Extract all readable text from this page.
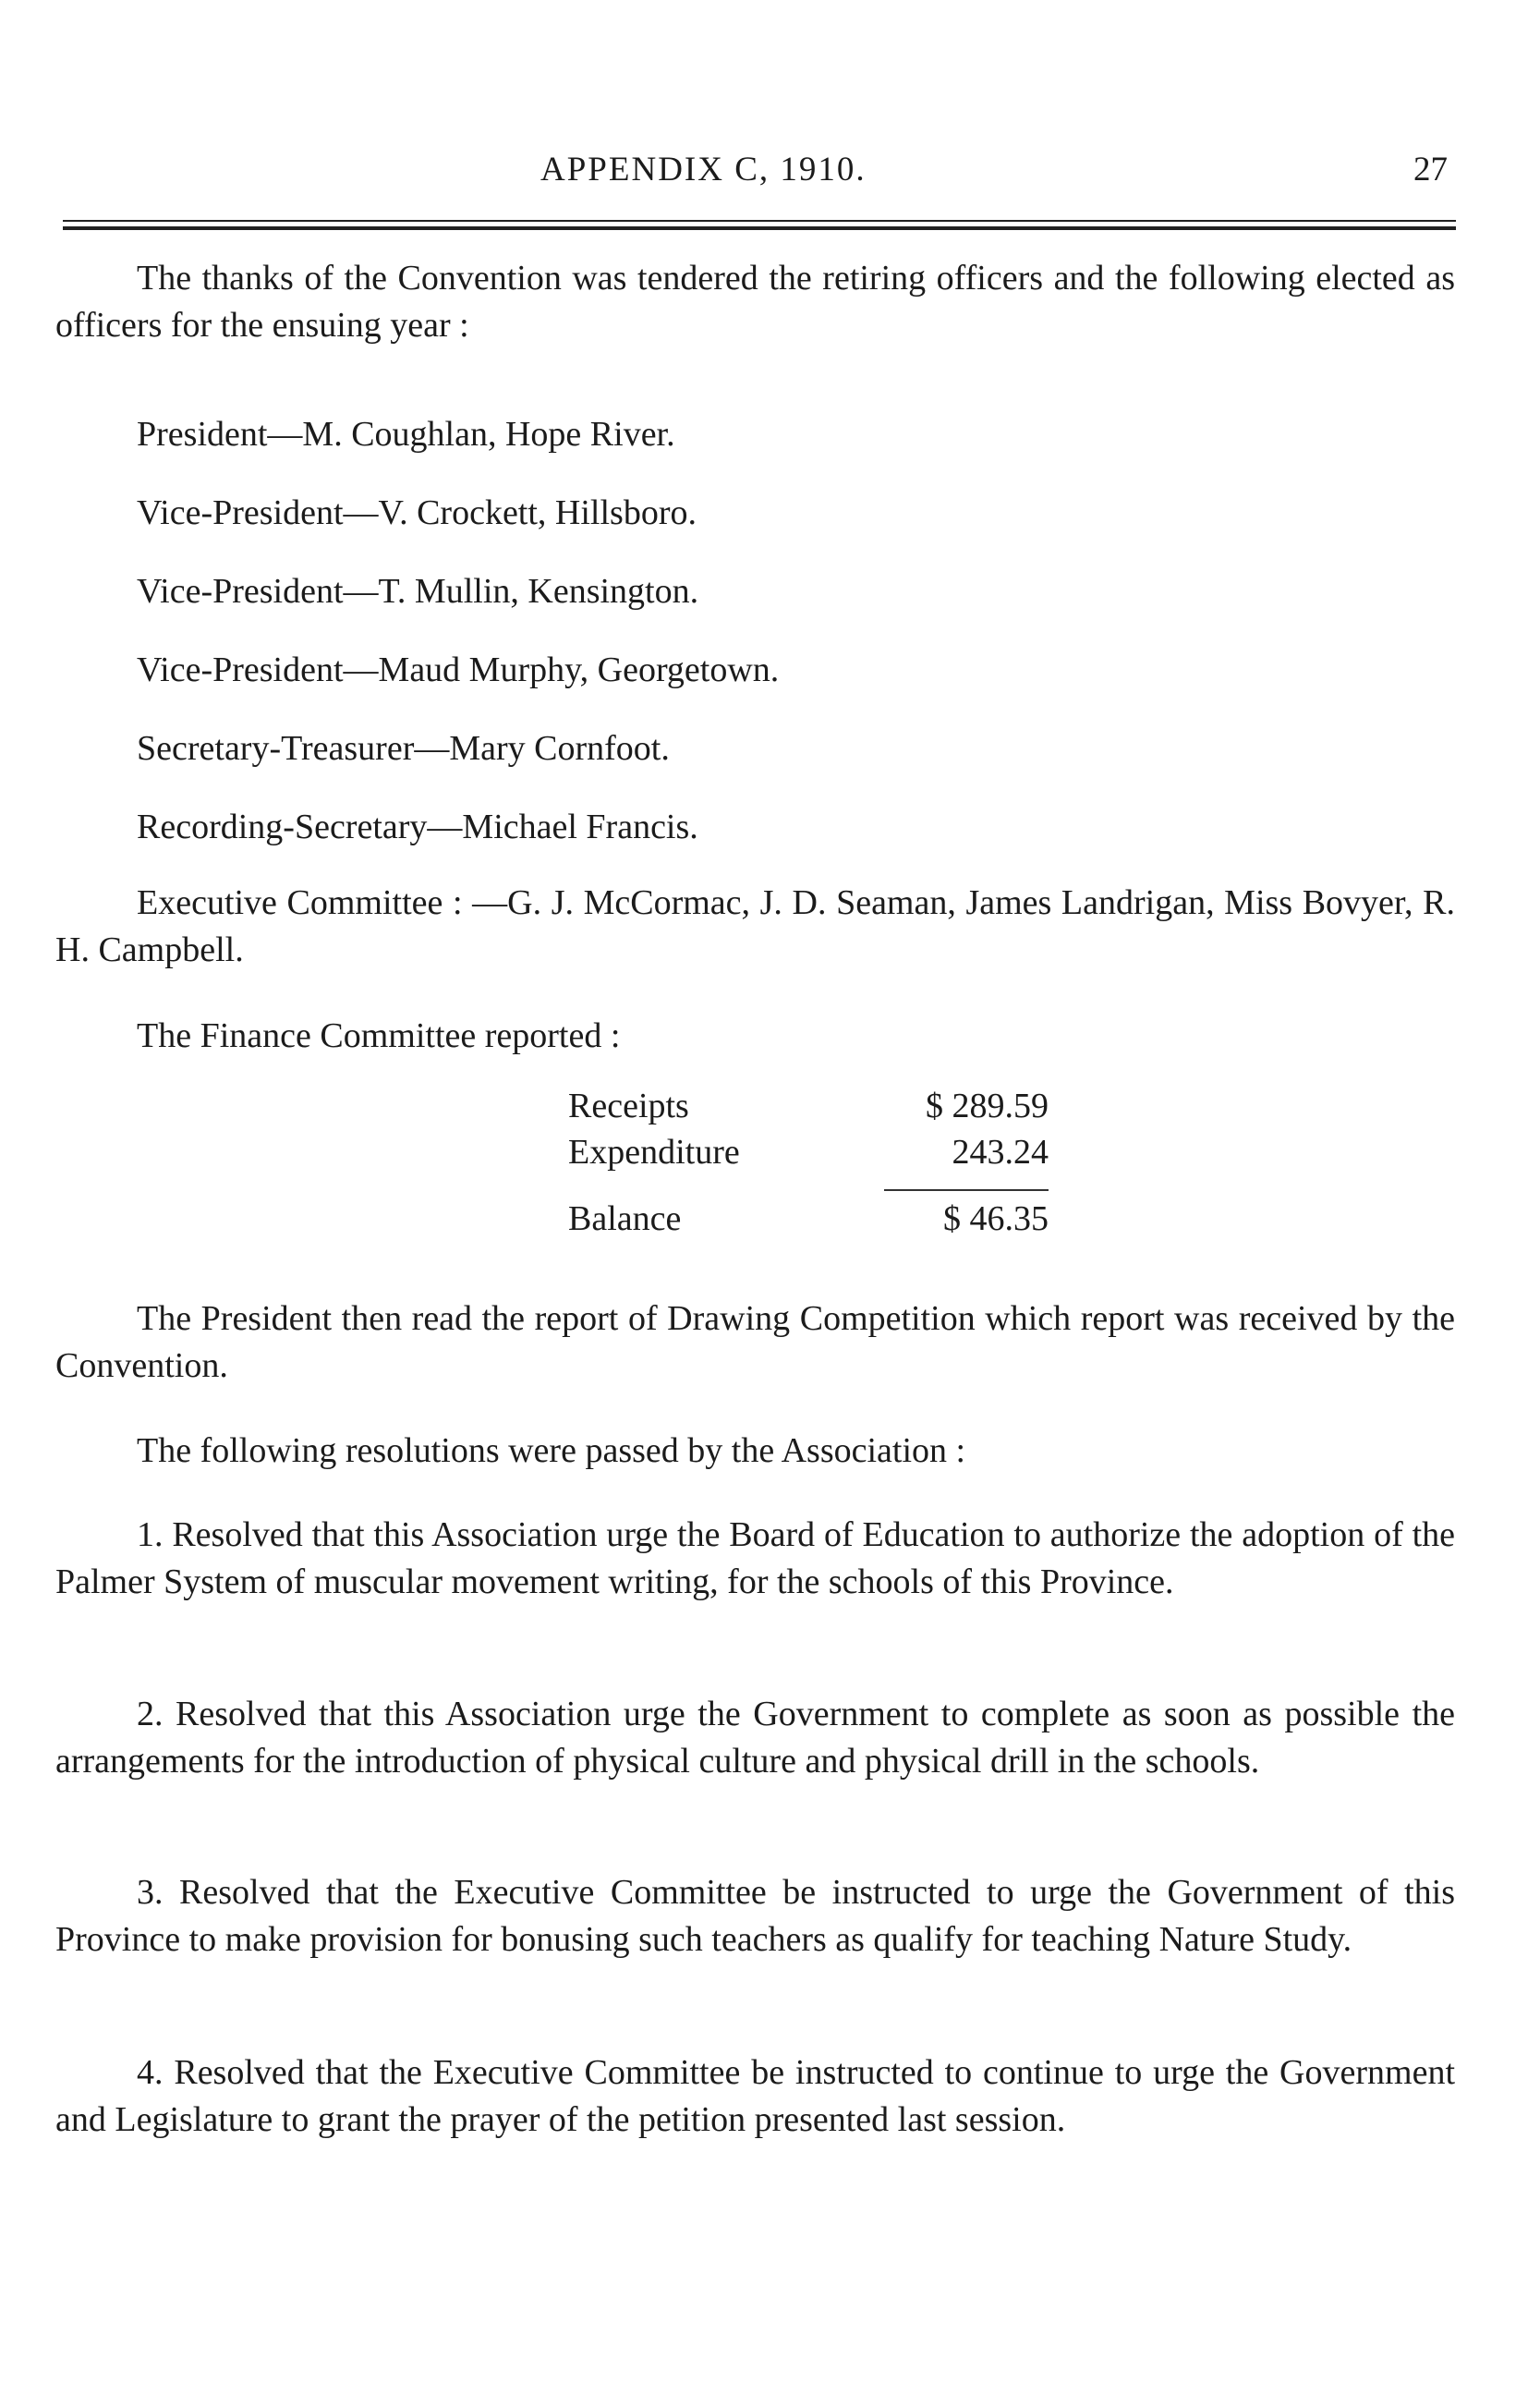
APPENDIX C, 1910.	27

The thanks of the Convention was tendered the retiring officers and the following elected as officers for the ensuing year :

President—M. Coughlan, Hope River.
Vice-President—V. Crockett, Hillsboro.
Vice-President—T. Mullin, Kensington.
Vice-President—Maud Murphy, Georgetown.
Secretary-Treasurer—Mary Cornfoot.
Recording-Secretary—Michael Francis.

Executive Committee : —G. J. McCormac, J. D. Seaman, James Landrigan, Miss Bovyer, R. H. Campbell.

The Finance Committee reported :
Receipts	$ 289.59
Expenditure	243.24
Balance	$ 46.35

The President then read the report of Drawing Competition which report was received by the Convention.

The following resolutions were passed by the Association :

1. Resolved that this Association urge the Board of Education to authorize the adoption of the Palmer System of muscular movement writing, for the schools of this Province.

2. Resolved that this Association urge the Government to complete as soon as possible the arrangements for the introduction of physical culture and physical drill in the schools.

3. Resolved that the Executive Committee be instructed to urge the Government of this Province to make provision for bonusing such teachers as qualify for teaching Nature Study.

4. Resolved that the Executive Committee be instructed to continue to urge the Government and Legislature to grant the prayer of the petition presented last session.
